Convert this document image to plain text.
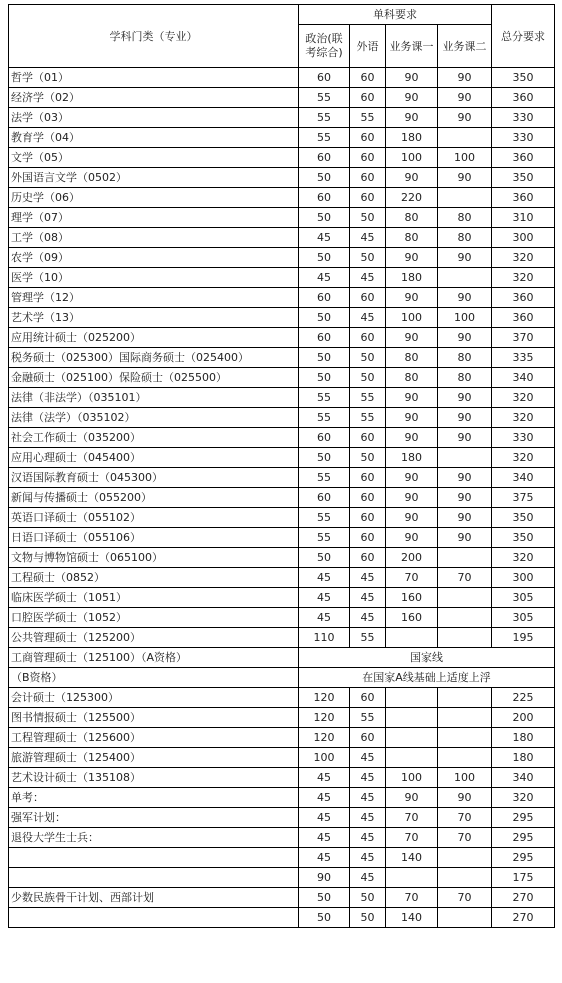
学科门类（专业）	单科要求				总分要求
	政治(联考综合)	外语	业务课一	业务课二	
哲学（01）	60	60	90	90	350
经济学（02）	55	60	90	90	360
法学（03）	55	55	90	90	330
教育学（04）	55	60	180		330
文学（05）	60	60	100	100	360
外国语言文学（0502）	50	60	90	90	350
历史学（06）	60	60	220		360
理学（07）	50	50	80	80	310
工学（08）	45	45	80	80	300
农学（09）	50	50	90	90	320
医学（10）	45	45	180		320
管理学（12）	60	60	90	90	360
艺术学（13）	50	45	100	100	360
应用统计硕士（025200）	60	60	90	90	370
税务硕士（025300）国际商务硕士（025400）	50	50	80	80	335
金融硕士（025100）保险硕士（025500）	50	50	80	80	340
法律（非法学）（035101）	55	55	90	90	320
法律（法学）（035102）	55	55	90	90	320
社会工作硕士（035200）	60	60	90	90	330
应用心理硕士（045400）	50	50	180		320
汉语国际教育硕士（045300）	55	60	90	90	340
新闻与传播硕士（055200）	60	60	90	90	375
英语口译硕士（055102）	55	60	90	90	350
日语口译硕士（055106）	55	60	90	90	350
文物与博物馆硕士（065100）	50	60	200		320
工程硕士（0852）	45	45	70	70	300
临床医学硕士（1051）	45	45	160		305
口腔医学硕士（1052）	45	45	160		305
公共管理硕士（125200）	110	55			195
工商管理硕士（125100）（A资格）	国家线				
（B资格）	在国家A线基础上适度上浮				
会计硕士（125300）	120	60			225
图书情报硕士（125500）	120	55			200
工程管理硕士（125600）	120	60			180
旅游管理硕士（125400）	100	45			180
艺术设计硕士（135108）	45	45	100	100	340
单考：	45	45	90	90	320
强军计划：	45	45	70	70	295
退役大学生士兵：	45	45	70	70	295
	45	45	140		295
	90	45			175
少数民族骨干计划、西部计划	50	50	70	70	270
	50	50	140		270
